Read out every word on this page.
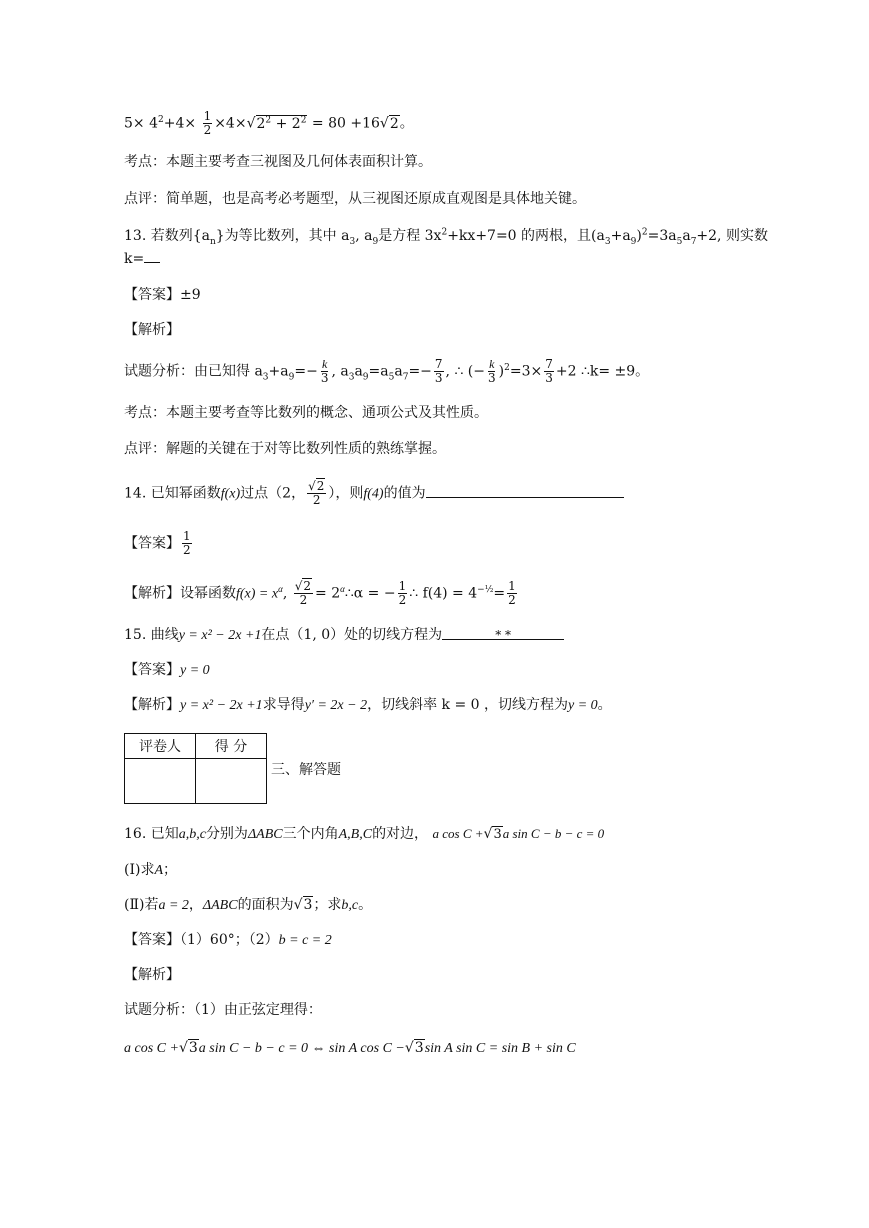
$5\times 4^2+4\times \frac{1}{2} \times 4\times√2^2 + 2^2 = 80 +16√2$。
考点：本题主要考查三视图及几何体表面积计算。
点评：简单题，也是高考必考题型，从三视图还原成直观图是具体地关键。
13. 若数列$\{a_n\}$为等比数列，其中 $a_3$, $a_9$是方程 $3x^2+kx+7=0$ 的两根，且$(a_3+a_9)^2=3a_5a_7+2$, 则实数
k=
【答案】±9
【解析】
试题分析：由已知得 $a_3+a_9=- \frac{k}{3}$ , $a_3a_9=a_5a_7=- \frac{7}{3}$ , ∴ (− $\frac{k}{3} )^2=3\times \frac{7}{3} +2$ ∴k= ±9。
考点：本题主要考查等比数列的概念、通项公式及其性质。
点评：解题的关键在于对等比数列性质的熟练掌握。
14. 已知幂函数f(x)过点（2， $\frac{√2}{2}$ ），则f(4)的值为
【答案】 $\frac{1}{2}$
【解析】设幂函数$f(x) = x^\alpha$, $\frac{√2}{2}$ = $2^\alpha\therefore\alpha$ = − $\frac{1}{2}$ ∴ $f(4) = 4^{-\frac{1}{2}}= \frac{1}{2}$
15. 曲线y = x² − 2x +1在点（1, 0）处的切线方程为	* *
【答案】y = 0
【解析】y = x² − 2x +1求导得y′ = 2x − 2，切线斜率 k = 0 ，切线方程为y = 0。
评卷人	得 分

三、解答题
16. 已知a,b,c分别为ΔABC三个内角A,B,C的对边， a cos C +√3a sin C − b − c = 0
(Ⅰ)求A；
(Ⅱ)若a = 2，ΔABC的面积为√3；求b,c。
【答案】（1）60°；（2）b = c = 2
【解析】
试题分析：（1）由正弦定理得：
a cos C +√3a sin C − b − c = 0 ⇔ sin A cos C −√3sin A sin C = sin B + sin C
